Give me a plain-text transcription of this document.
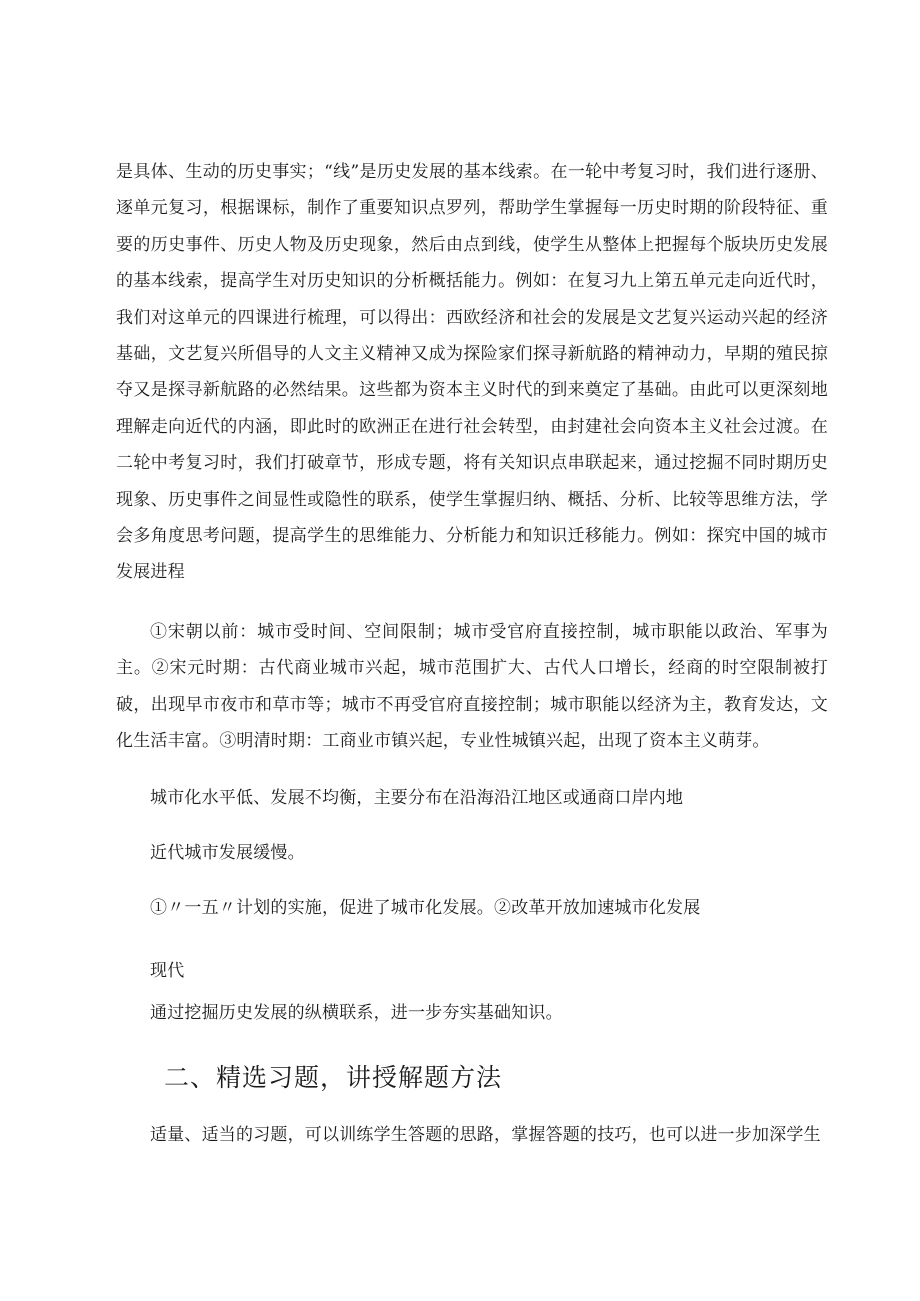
是具体、生动的历史事实；“线”是历史发展的基本线索。在一轮中考复习时，我们进行逐册、逐单元复习，根据课标，制作了重要知识点罗列，帮助学生掌握每一历史时期的阶段特征、重要的历史事件、历史人物及历史现象，然后由点到线，使学生从整体上把握每个版块历史发展的基本线索，提高学生对历史知识的分析概括能力。例如：在复习九上第五单元走向近代时，我们对这单元的四课进行梳理，可以得出：西欧经济和社会的发展是文艺复兴运动兴起的经济基础，文艺复兴所倡导的人文主义精神又成为探险家们探寻新航路的精神动力，早期的殖民掠夺又是探寻新航路的必然结果。这些都为资本主义时代的到来奠定了基础。由此可以更深刻地理解走向近代的内涵，即此时的欧洲正在进行社会转型，由封建社会向资本主义社会过渡。在二轮中考复习时，我们打破章节，形成专题，将有关知识点串联起来，通过挖掘不同时期历史现象、历史事件之间显性或隐性的联系，使学生掌握归纳、概括、分析、比较等思维方法，学会多角度思考问题，提高学生的思维能力、分析能力和知识迁移能力。例如：探究中国的城市发展进程

①宋朝以前：城市受时间、空间限制；城市受官府直接控制，城市职能以政治、军事为主。②宋元时期：古代商业城市兴起，城市范围扩大、古代人口增长，经商的时空限制被打破，出现早市夜市和草市等；城市不再受官府直接控制；城市职能以经济为主，教育发达，文化生活丰富。③明清时期：工商业市镇兴起，专业性城镇兴起，出现了资本主义萌芽。

城市化水平低、发展不均衡，主要分布在沿海沿江地区或通商口岸内地

近代城市发展缓慢。

①〃一五〃计划的实施，促进了城市化发展。②改革开放加速城市化发展

现代

通过挖掘历史发展的纵横联系，进一步夯实基础知识。

二、精选习题，讲授解题方法

适量、适当的习题，可以训练学生答题的思路，掌握答题的技巧，也可以进一步加深学生
